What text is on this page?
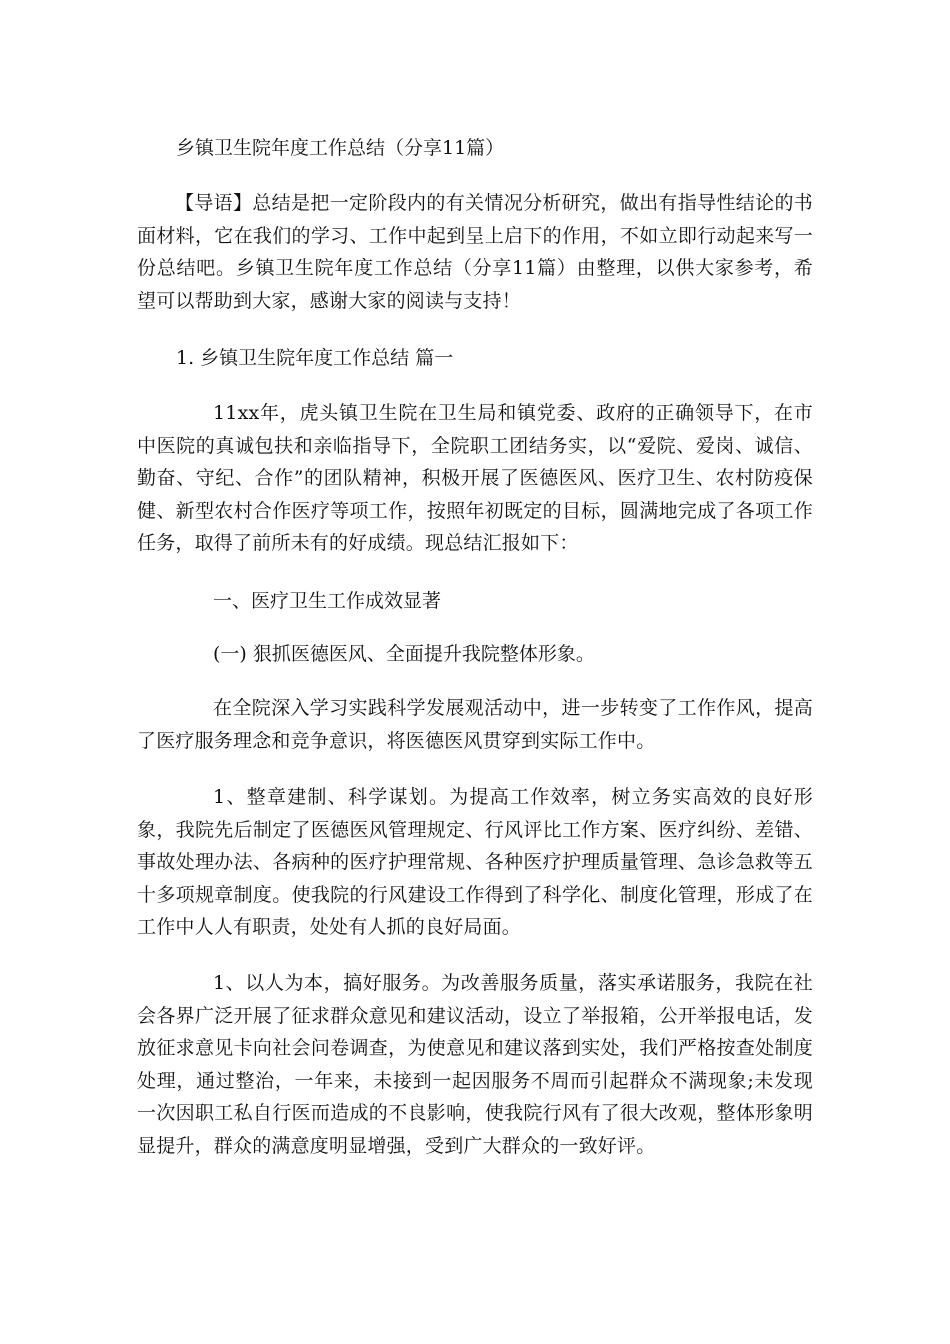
乡镇卫生院年度工作总结（分享11篇）

【导语】总结是把一定阶段内的有关情况分析研究，做出有指导性结论的书面材料，它在我们的学习、工作中起到呈上启下的作用，不如立即行动起来写一份总结吧。乡镇卫生院年度工作总结（分享11篇）由整理，以供大家参考，希望可以帮助到大家，感谢大家的阅读与支持！

1. 乡镇卫生院年度工作总结 篇一

11xx年，虎头镇卫生院在卫生局和镇党委、政府的正确领导下，在市中医院的真诚包扶和亲临指导下，全院职工团结务实，以“爱院、爱岗、诚信、勤奋、守纪、合作”的团队精神，积极开展了医德医风、医疗卫生、农村防疫保健、新型农村合作医疗等项工作，按照年初既定的目标，圆满地完成了各项工作任务，取得了前所未有的好成绩。现总结汇报如下：

一、医疗卫生工作成效显著
(一) 狠抓医德医风、全面提升我院整体形象。

在全院深入学习实践科学发展观活动中，进一步转变了工作作风，提高了医疗服务理念和竞争意识，将医德医风贯穿到实际工作中。

1、整章建制、科学谋划。为提高工作效率，树立务实高效的良好形象，我院先后制定了医德医风管理规定、行风评比工作方案、医疗纠纷、差错、事故处理办法、各病种的医疗护理常规、各种医疗护理质量管理、急诊急救等五十多项规章制度。使我院的行风建设工作得到了科学化、制度化管理，形成了在工作中人人有职责，处处有人抓的良好局面。

1、以人为本，搞好服务。为改善服务质量，落实承诺服务，我院在社会各界广泛开展了征求群众意见和建议活动，设立了举报箱，公开举报电话，发放征求意见卡向社会问卷调查，为使意见和建议落到实处，我们严格按查处制度处理，通过整治，一年来，未接到一起因服务不周而引起群众不满现象;未发现一次因职工私自行医而造成的不良影响，使我院行风有了很大改观，整体形象明显提升，群众的满意度明显增强，受到广大群众的一致好评。
